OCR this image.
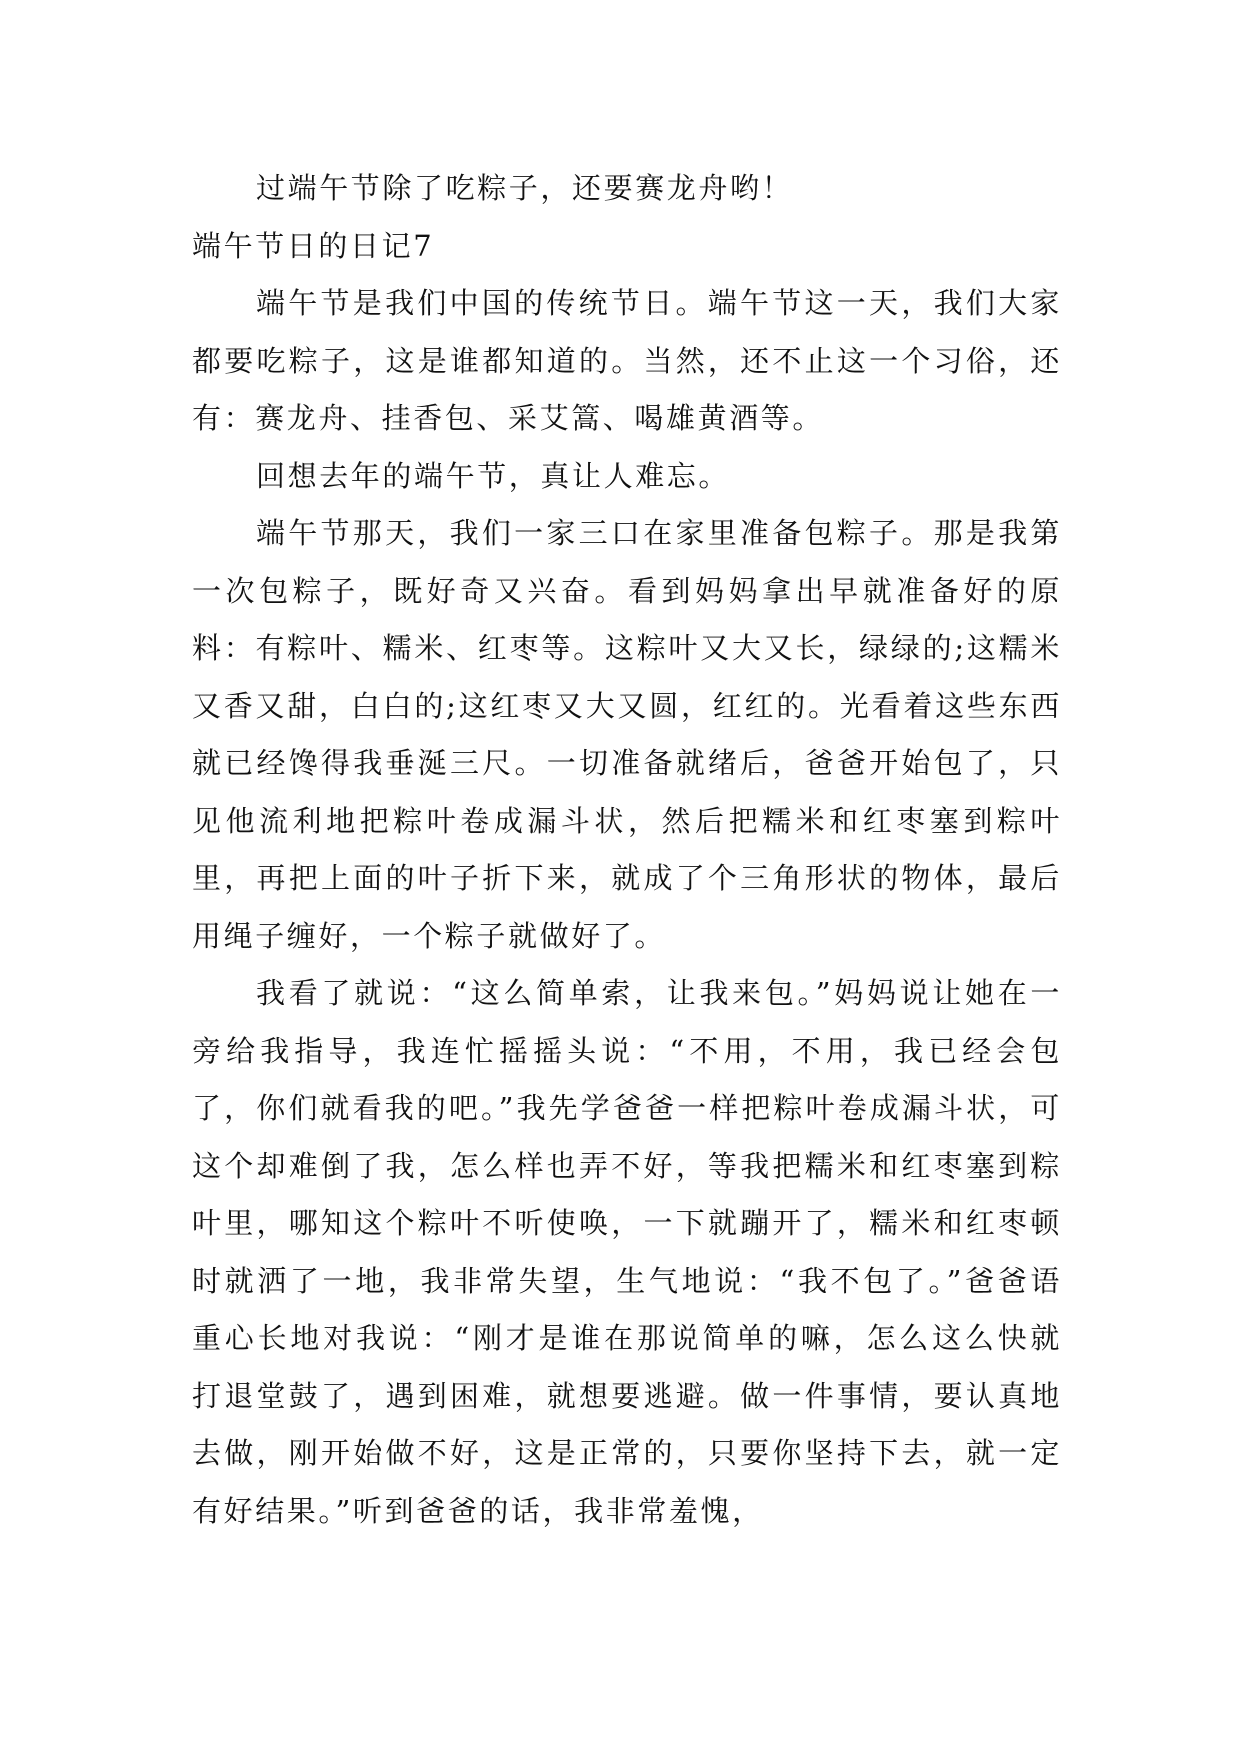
过端午节除了吃粽子，还要赛龙舟哟！

端午节日的日记7

端午节是我们中国的传统节日。端午节这一天，我们大家都要吃粽子，这是谁都知道的。当然，还不止这一个习俗，还有：赛龙舟、挂香包、采艾篙、喝雄黄酒等。

回想去年的端午节，真让人难忘。

端午节那天，我们一家三口在家里准备包粽子。那是我第一次包粽子，既好奇又兴奋。看到妈妈拿出早就准备好的原料：有粽叶、糯米、红枣等。这粽叶又大又长，绿绿的;这糯米又香又甜，白白的;这红枣又大又圆，红红的。光看着这些东西就已经馋得我垂涎三尺。一切准备就绪后，爸爸开始包了，只见他流利地把粽叶卷成漏斗状，然后把糯米和红枣塞到粽叶里，再把上面的叶子折下来，就成了个三角形状的物体，最后用绳子缠好，一个粽子就做好了。

我看了就说：“这么简单索，让我来包。”妈妈说让她在一旁给我指导，我连忙摇摇头说：“不用，不用，我已经会包了，你们就看我的吧。”我先学爸爸一样把粽叶卷成漏斗状，可这个却难倒了我，怎么样也弄不好，等我把糯米和红枣塞到粽叶里，哪知这个粽叶不听使唤，一下就蹦开了，糯米和红枣顿时就洒了一地，我非常失望，生气地说：“我不包了。”爸爸语重心长地对我说：“刚才是谁在那说简单的嘛，怎么这么快就打退堂鼓了，遇到困难，就想要逃避。做一件事情，要认真地去做，刚开始做不好，这是正常的，只要你坚持下去，就一定有好结果。”听到爸爸的话，我非常羞愧，
